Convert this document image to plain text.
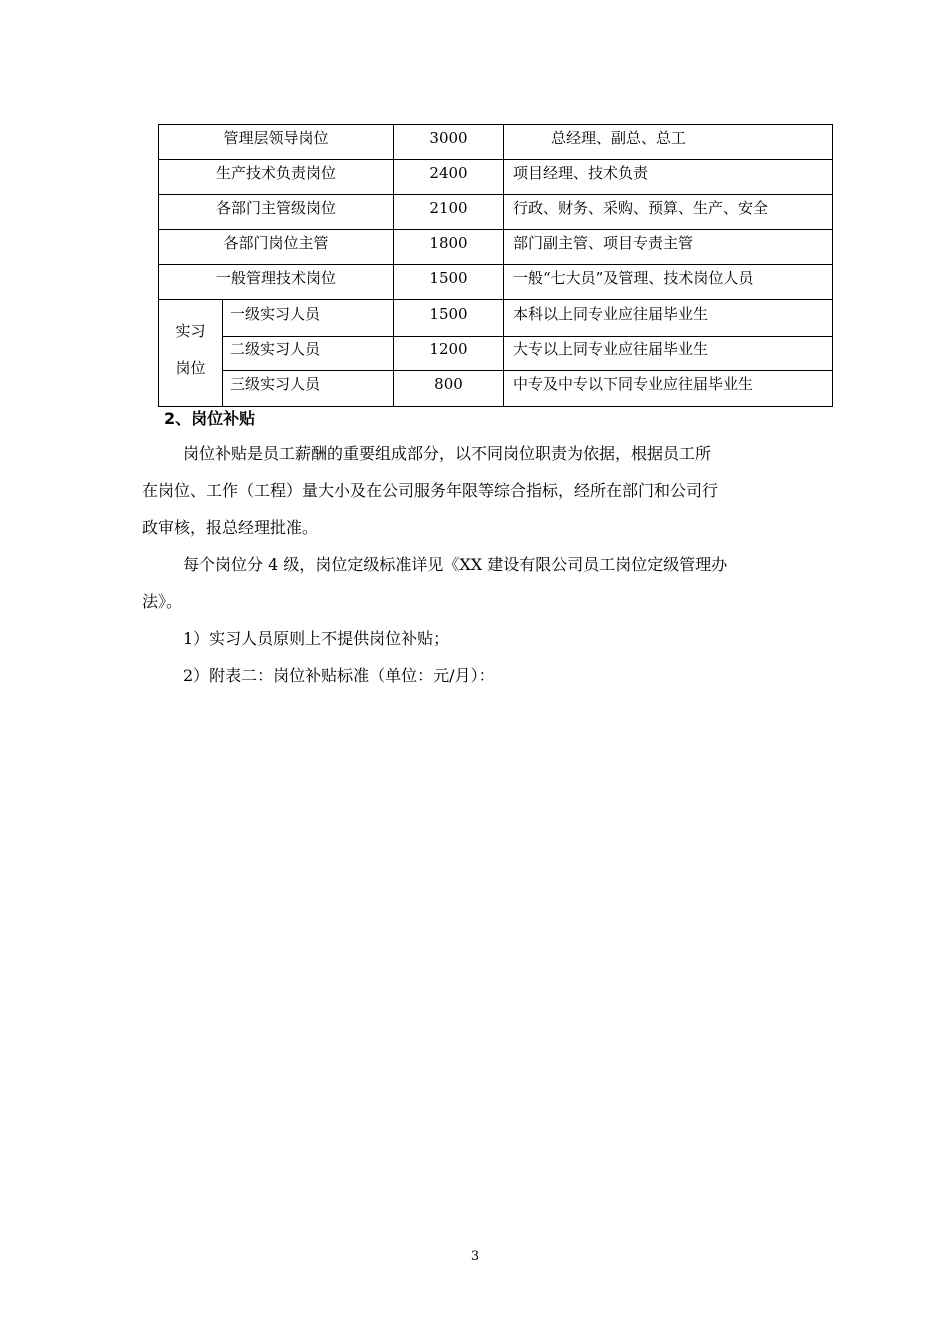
管理层领导岗位	3000	总经理、副总、总工
生产技术负责岗位	2400	项目经理、技术负责
各部门主管级岗位	2100	行政、财务、采购、预算、生产、安全
各部门岗位主管	1800	部门副主管、项目专责主管
一般管理技术岗位	1500	一般“七大员”及管理、技术岗位人员
实习
岗位
一级实习人员	1500	本科以上同专业应往届毕业生
二级实习人员	1200	大专以上同专业应往届毕业生
三级实习人员	800	中专及中专以下同专业应往届毕业生
2、岗位补贴
岗位补贴是员工薪酬的重要组成部分，以不同岗位职责为依据，根据员工所
在岗位、工作（工程）量大小及在公司服务年限等综合指标，经所在部门和公司行
政审核，报总经理批准。
每个岗位分 4 级，岗位定级标准详见《XX 建设有限公司员工岗位定级管理办
法》。
1）实习人员原则上不提供岗位补贴；
2）附表二：岗位补贴标准（单位：元/月）：
3
